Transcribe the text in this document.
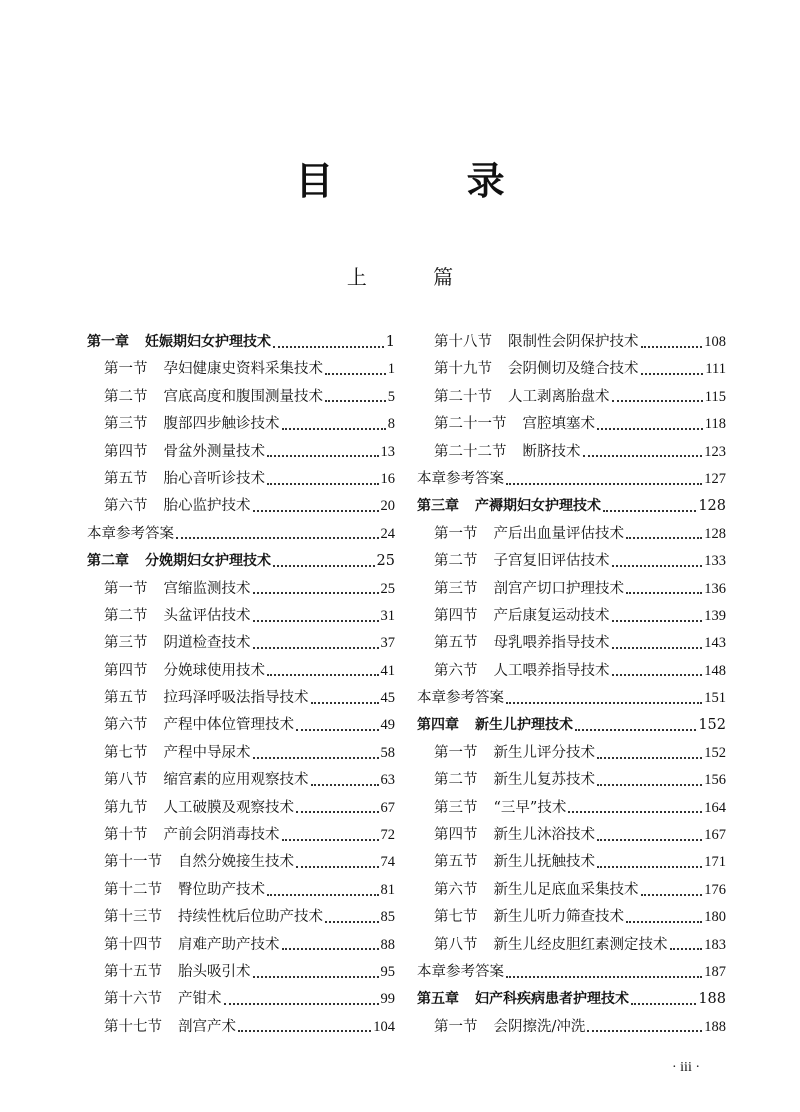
目 录
上 篇
第一章 妊娠期妇女护理技术	1
第一节 孕妇健康史资料采集技术	1
第二节 宫底高度和腹围测量技术	5
第三节 腹部四步触诊技术	8
第四节 骨盆外测量技术	13
第五节 胎心音听诊技术	16
第六节 胎心监护技术	20
本章参考答案	24
第二章 分娩期妇女护理技术	25
第一节 宫缩监测技术	25
第二节 头盆评估技术	31
第三节 阴道检查技术	37
第四节 分娩球使用技术	41
第五节 拉玛泽呼吸法指导技术	45
第六节 产程中体位管理技术	49
第七节 产程中导尿术	58
第八节 缩宫素的应用观察技术	63
第九节 人工破膜及观察技术	67
第十节 产前会阴消毒技术	72
第十一节 自然分娩接生技术	74
第十二节 臀位助产技术	81
第十三节 持续性枕后位助产技术	85
第十四节 肩难产助产技术	88
第十五节 胎头吸引术	95
第十六节 产钳术	99
第十七节 剖宫产术	104
第十八节 限制性会阴保护技术	108
第十九节 会阴侧切及缝合技术	111
第二十节 人工剥离胎盘术	115
第二十一节 宫腔填塞术	118
第二十二节 断脐技术	123
本章参考答案	127
第三章 产褥期妇女护理技术	128
第一节 产后出血量评估技术	128
第二节 子宫复旧评估技术	133
第三节 剖宫产切口护理技术	136
第四节 产后康复运动技术	139
第五节 母乳喂养指导技术	143
第六节 人工喂养指导技术	148
本章参考答案	151
第四章 新生儿护理技术	152
第一节 新生儿评分技术	152
第二节 新生儿复苏技术	156
第三节 “三早”技术	164
第四节 新生儿沐浴技术	167
第五节 新生儿抚触技术	171
第六节 新生儿足底血采集技术	176
第七节 新生儿听力筛查技术	180
第八节 新生儿经皮胆红素测定技术	183
本章参考答案	187
第五章 妇产科疾病患者护理技术	188
第一节 会阴擦洗/冲洗	188
· iii ·
